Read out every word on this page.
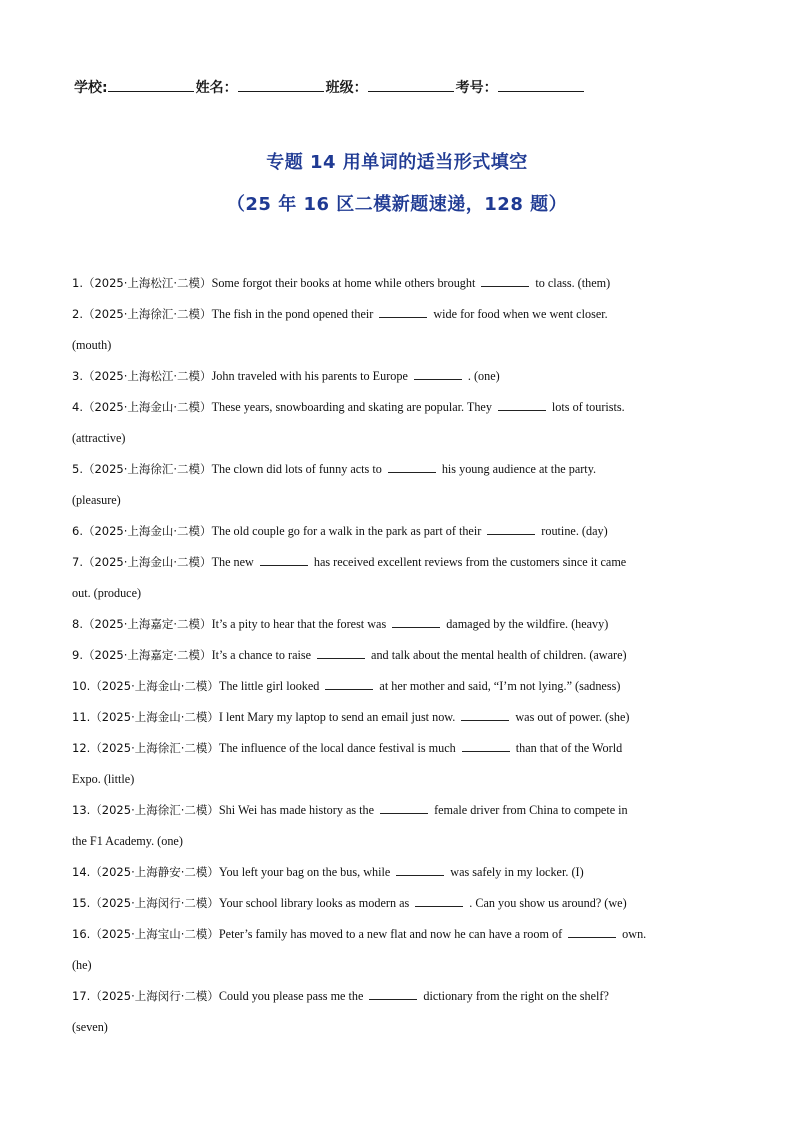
学校:	姓名：	班级：	考号：
专题 14 用单词的适当形式填空
（25 年 16 区二模新题速递，128 题）
1.（2025·上海松江·二模）Some forgot their books at home while others brought	to class. (them)
2.（2025·上海徐汇·二模）The fish in the pond opened their	wide for food when we went closer.
(mouth)
3.（2025·上海松江·二模）John traveled with his parents to Europe	. (one)
4.（2025·上海金山·二模）These years, snowboarding and skating are popular. They	lots of tourists.
(attractive)
5.（2025·上海徐汇·二模）The clown did lots of funny acts to	his young audience at the party.
(pleasure)
6.（2025·上海金山·二模）The old couple go for a walk in the park as part of their	routine. (day)
7.（2025·上海金山·二模）The new	has received excellent reviews from the customers since it came
out. (produce)
8.（2025·上海嘉定·二模）It’s a pity to hear that the forest was	damaged by the wildfire. (heavy)
9.（2025·上海嘉定·二模）It’s a chance to raise	and talk about the mental health of children. (aware)
10.（2025·上海金山·二模）The little girl looked	at her mother and said, “I’m not lying.” (sadness)
11.（2025·上海金山·二模）I lent Mary my laptop to send an email just now.	was out of power. (she)
12.（2025·上海徐汇·二模）The influence of the local dance festival is much	than that of the World
Expo. (little)
13.（2025·上海徐汇·二模）Shi Wei has made history as the	female driver from China to compete in
the F1 Academy. (one)
14.（2025·上海静安·二模）You left your bag on the bus, while	was safely in my locker. (I)
15.（2025·上海闵行·二模）Your school library looks as modern as	. Can you show us around? (we)
16.（2025·上海宝山·二模）Peter’s family has moved to a new flat and now he can have a room of	own.
(he)
17.（2025·上海闵行·二模）Could you please pass me the	dictionary from the right on the shelf?
(seven)
